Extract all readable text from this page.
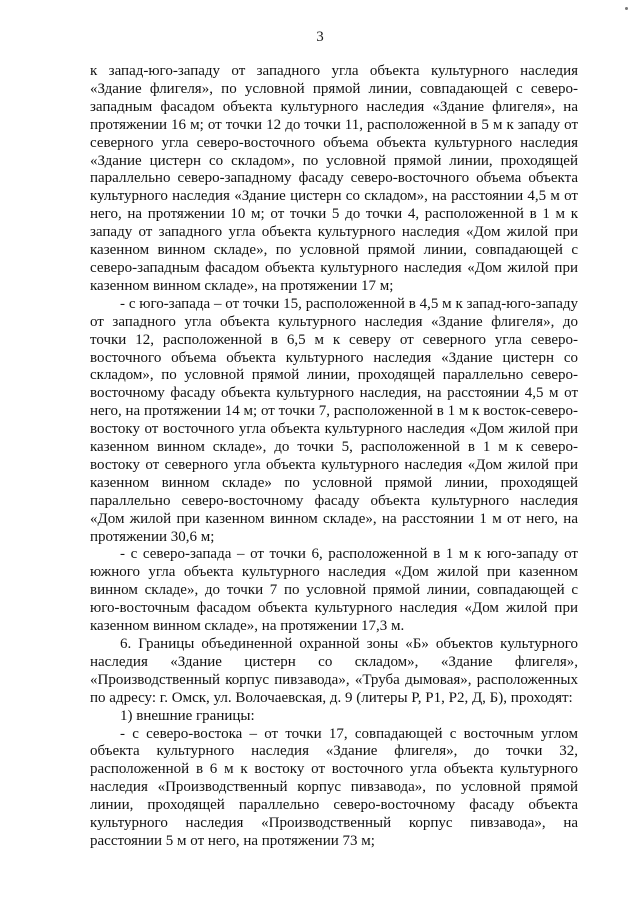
3

к запад-юго-западу от западного угла объекта культурного наследия «Здание флигеля», по условной прямой линии, совпадающей с северо-западным фасадом объекта культурного наследия «Здание флигеля», на протяжении 16 м; от точки 12 до точки 11, расположенной в 5 м к западу от северного угла северо-восточного объема объекта культурного наследия «Здание цистерн со складом», по условной прямой линии, проходящей параллельно северо-западному фасаду северо-восточного объема объекта культурного наследия «Здание цистерн со складом», на расстоянии 4,5 м от него, на протяжении 10 м; от точки 5 до точки 4, расположенной в 1 м к западу от западного угла объекта культурного наследия «Дом жилой при казенном винном складе», по условной прямой линии, совпадающей с северо-западным фасадом объекта культурного наследия «Дом жилой при казенном винном складе», на протяжении 17 м;

- с юго-запада – от точки 15, расположенной в 4,5 м к запад-юго-западу от западного угла объекта культурного наследия «Здание флигеля», до точки 12, расположенной в 6,5 м к северу от северного угла северо-восточного объема объекта культурного наследия «Здание цистерн со складом», по условной прямой линии, проходящей параллельно северо-восточному фасаду объекта культурного наследия, на расстоянии 4,5 м от него, на протяжении 14 м; от точки 7, расположенной в 1 м к восток-северо-востоку от восточного угла объекта культурного наследия «Дом жилой при казенном винном складе», до точки 5, расположенной в 1 м к северо-востоку от северного угла объекта культурного наследия «Дом жилой при казенном винном складе» по условной прямой линии, проходящей параллельно северо-восточному фасаду объекта культурного наследия «Дом жилой при казенном винном складе», на расстоянии 1 м от него, на протяжении 30,6 м;

- с северо-запада – от точки 6, расположенной в 1 м к юго-западу от южного угла объекта культурного наследия «Дом жилой при казенном винном складе», до точки 7 по условной прямой линии, совпадающей с юго-восточным фасадом объекта культурного наследия «Дом жилой при казенном винном складе», на протяжении 17,3 м.

6. Границы объединенной охранной зоны «Б» объектов культурного наследия «Здание цистерн со складом», «Здание флигеля», «Производственный корпус пивзавода», «Труба дымовая», расположенных по адресу: г. Омск, ул. Волочаевская, д. 9 (литеры Р, Р1, Р2, Д, Б), проходят:

1) внешние границы:

- с северо-востока – от точки 17, совпадающей с восточным углом объекта культурного наследия «Здание флигеля», до точки 32, расположенной в 6 м к востоку от восточного угла объекта культурного наследия «Производственный корпус пивзавода», по условной прямой линии, проходящей параллельно северо-восточному фасаду объекта культурного наследия «Производственный корпус пивзавода», на расстоянии 5 м от него, на протяжении 73 м;
